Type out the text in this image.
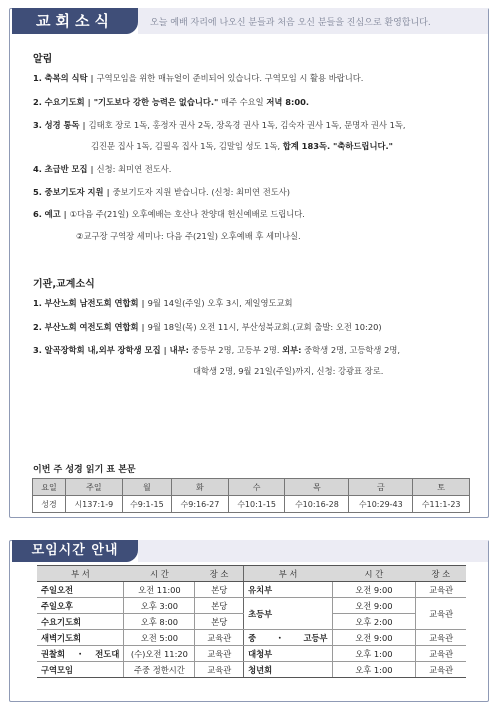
교회소식	오늘 예배 자리에 나오신 분들과 처음 오신 분들을 진심으로 환영합니다.
알림
1. 축복의 식탁 | 구역모임을 위한 매뉴얼이 준비되어 있습니다. 구역모임 시 활용 바랍니다.
2. 수요기도회 | "기도보다 강한 능력은 없습니다." 매주 수요일 저녁 8:00.
3. 성경 통독 | 김태호 장로 1독, 홍정자 권사 2독, 장옥경 권사 1독, 김숙자 권사 1독, 문명자 권사 1독,
김진문 집사 1독, 김필옥 집사 1독, 김말임 성도 1독, 합계 183독. "축하드립니다."
4. 초급반 모집 | 신청: 최미연 전도사.
5. 중보기도자 지원 | 중보기도자 지원 받습니다. (신청: 최미연 전도사)
6. 예고 | ①다음 주(21일) 오후예배는 호산나 찬양대 헌신예배로 드립니다.
②교구장 구역장 세미나: 다음 주(21일) 오후예배 후 세미나실.
기관,교계소식
1. 부산노회 남전도회 연합회 | 9월 14일(주일) 오후 3시, 제일영도교회
2. 부산노회 여전도회 연합회 | 9월 18일(목) 오전 11시, 부산성북교회.(교회 출발: 오전 10:20)
3. 알곡장학회 내,외부 장학생 모집 | 내부: 중등부 2명, 고등부 2명. 외부: 중학생 2명, 고등학생 2명,
대학생 2명, 9월 21일(주일)까지, 신청: 강광표 장로.
이번 주 성경 읽기 표 본문
요일	주일	월	화	수	목	금	토
성경	시137:1-9	수9:1-15	수9:16-27	수10:1-15	수10:16-28	수10:29-43	수11:1-23
모임시간 안내
부 서	시 간	장 소	부 서	시 간	장 소
주일오전	오전 11:00	본당	유치부	오전 9:00	교육관
주일오후	오후 3:00	본당	초등부	오전 9:00	교육관
수요기도회	오후 8:00	본당		오후 2:00	
새벽기도회	오전 5:00	교육관	중・고등부	오전 9:00	교육관
권찰회・전도대	(수)오전 11:20	교육관	대청부	오후 1:00	교육관
구역모임	주중 정한시간	교육관	청년회	오후 1:00	교육관
